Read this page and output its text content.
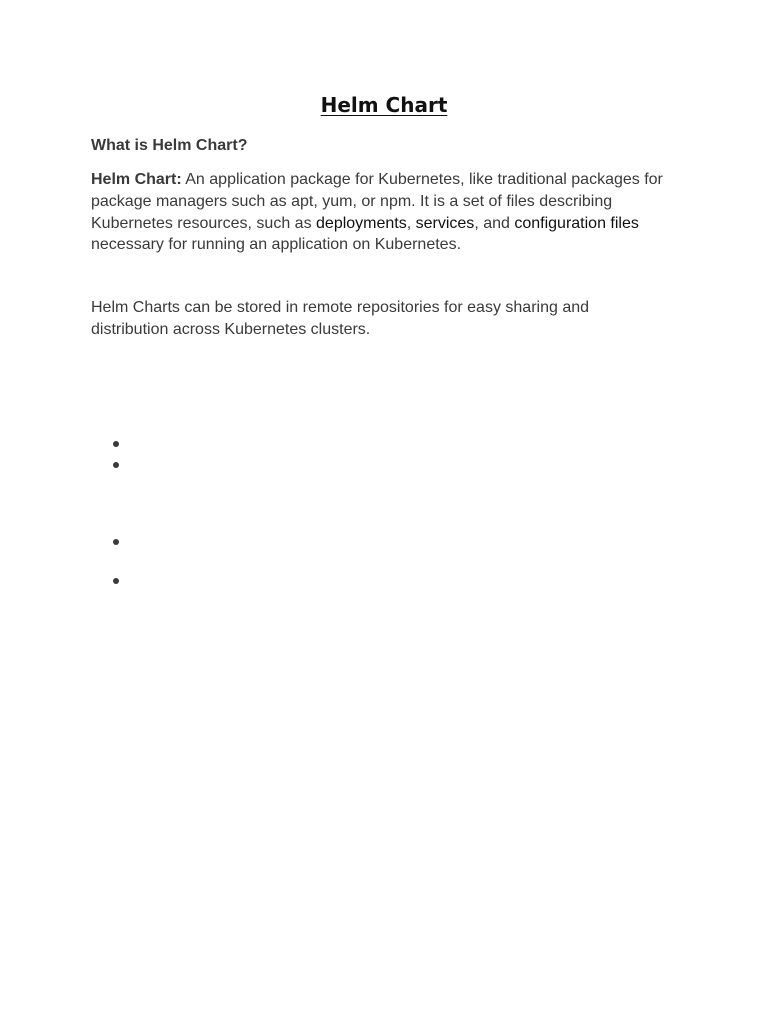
Helm Chart
What is Helm Chart?

Helm Chart: An application package for Kubernetes, like traditional packages for package managers such as apt, yum, or npm. It is a set of files describing Kubernetes resources, such as deployments, services, and configuration files necessary for running an application on Kubernetes.

Helm Charts can be stored in remote repositories for easy sharing and distribution across Kubernetes clusters.
